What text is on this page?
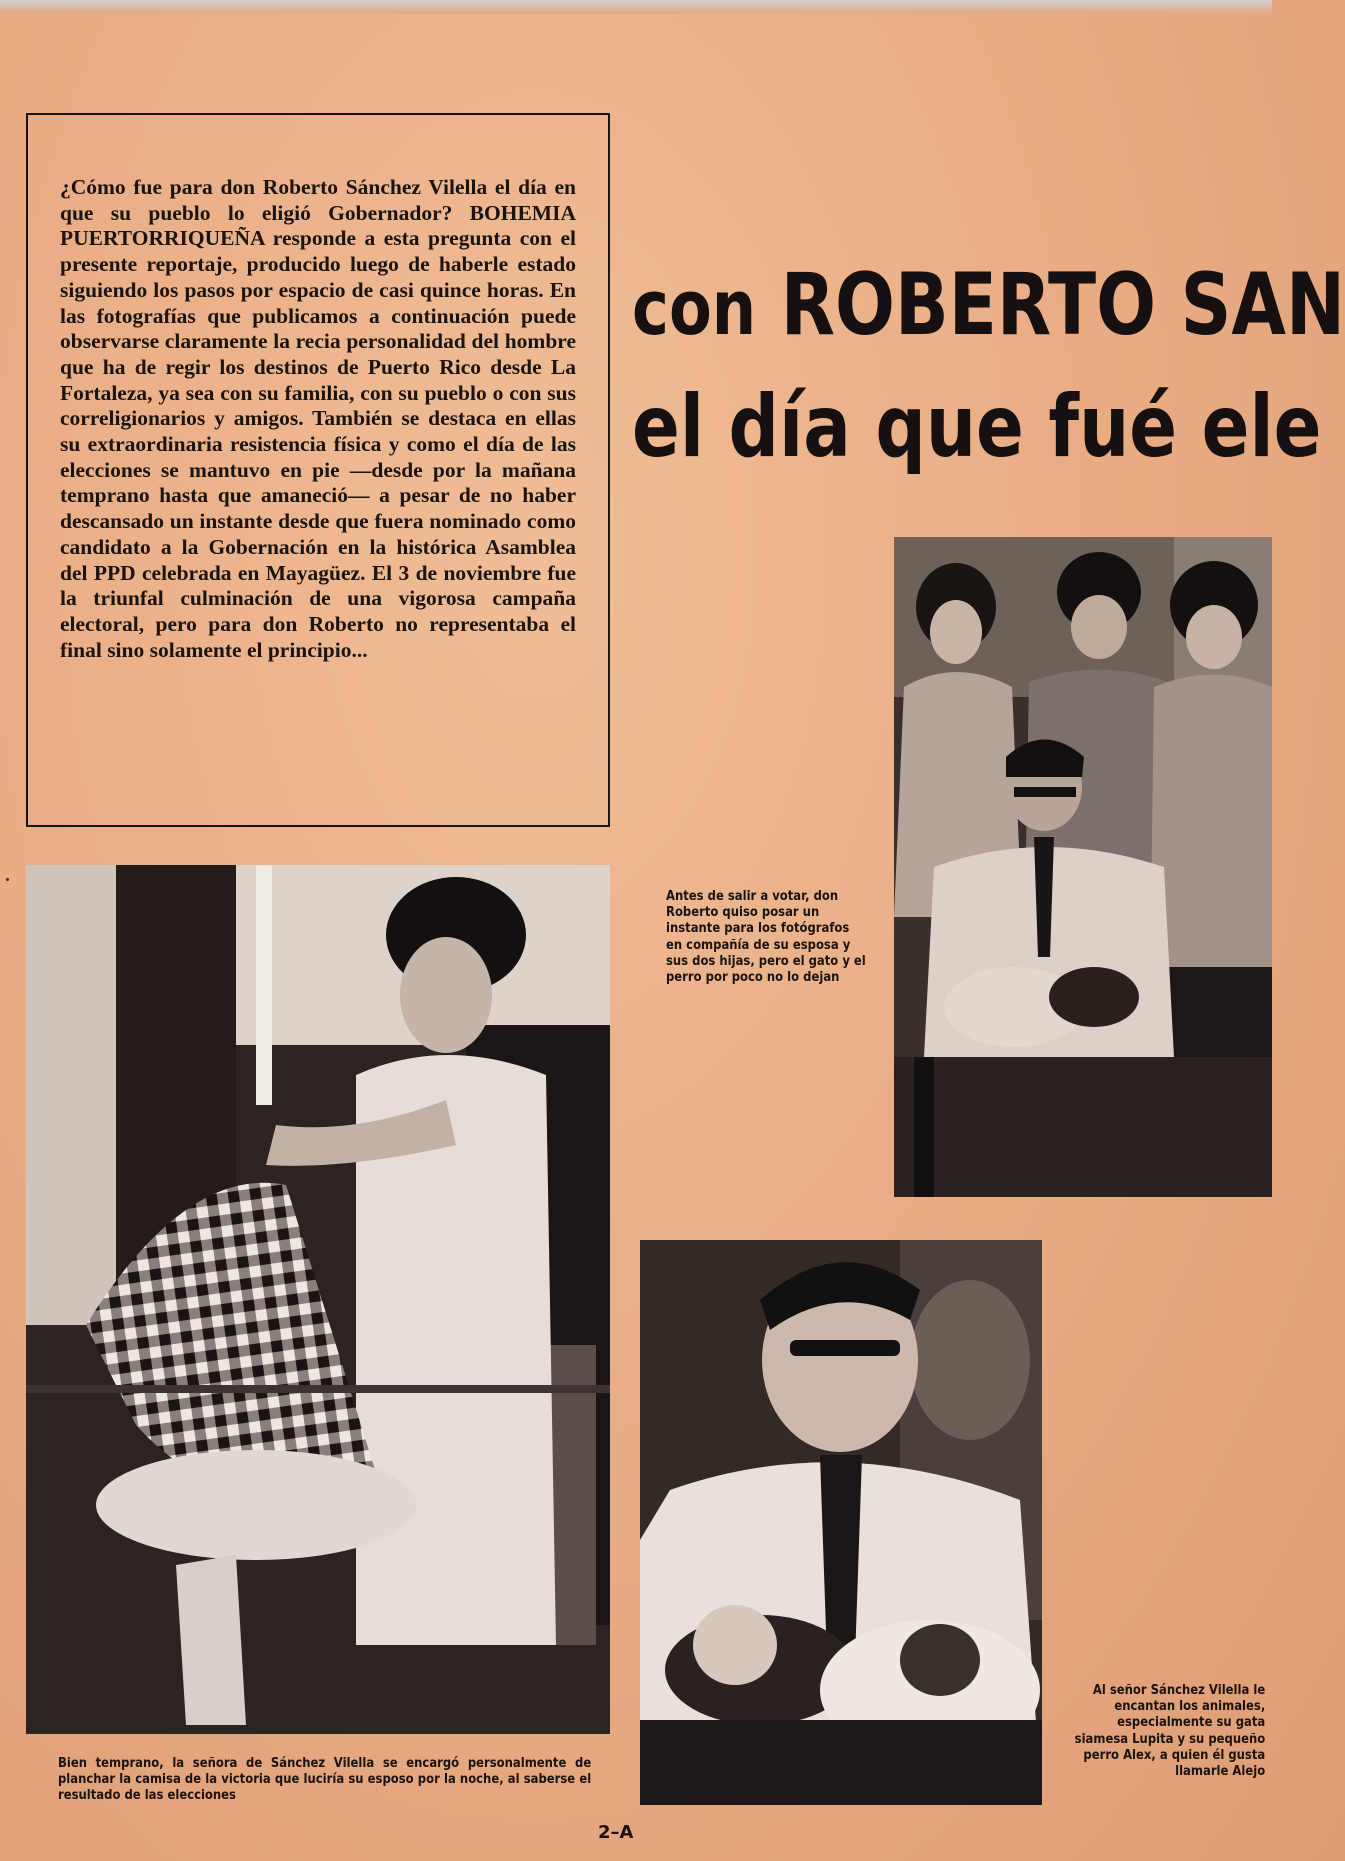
¿Cómo fue para don Roberto Sánchez Vilella el día en que su pueblo lo eligió Gobernador? BOHEMIA PUERTORRIQUEÑA responde a esta pregunta con el presente reportaje, producido luego de haberle estado siguiendo los pasos por espacio de casi quince horas. En las fotografías que publicamos a continuación puede observarse claramente la recia personalidad del hombre que ha de regir los destinos de Puerto Rico desde La Fortaleza, ya sea con su familia, con su pueblo o con sus correligionarios y amigos. También se destaca en ellas su extraordinaria resistencia física y como el día de las elecciones se mantuvo en pie —desde por la mañana temprano hasta que amaneció— a pesar de no haber descansado un instante desde que fuera nominado como candidato a la Gobernación en la histórica Asamblea del PPD celebrada en Mayagüez. El 3 de noviembre fue la triunfal culminación de una vigorosa campaña electoral, pero para don Roberto no representaba el final sino solamente el principio...

con ROBERTO SAN
el día que fué ele

Antes de salir a votar, don Roberto quiso posar un instante para los fotógrafos en compañía de su esposa y sus dos hijas, pero el gato y el perro por poco no lo dejan

Bien temprano, la señora de Sánchez Vilella se encargó personalmente de planchar la camisa de la victoria que luciría su esposo por la noche, al saberse el resultado de las elecciones

Al señor Sánchez Vilella le encantan los animales, especialmente su gata siamesa Lupita y su pequeño perro Alex, a quien él gusta llamarle Alejo

2–A
